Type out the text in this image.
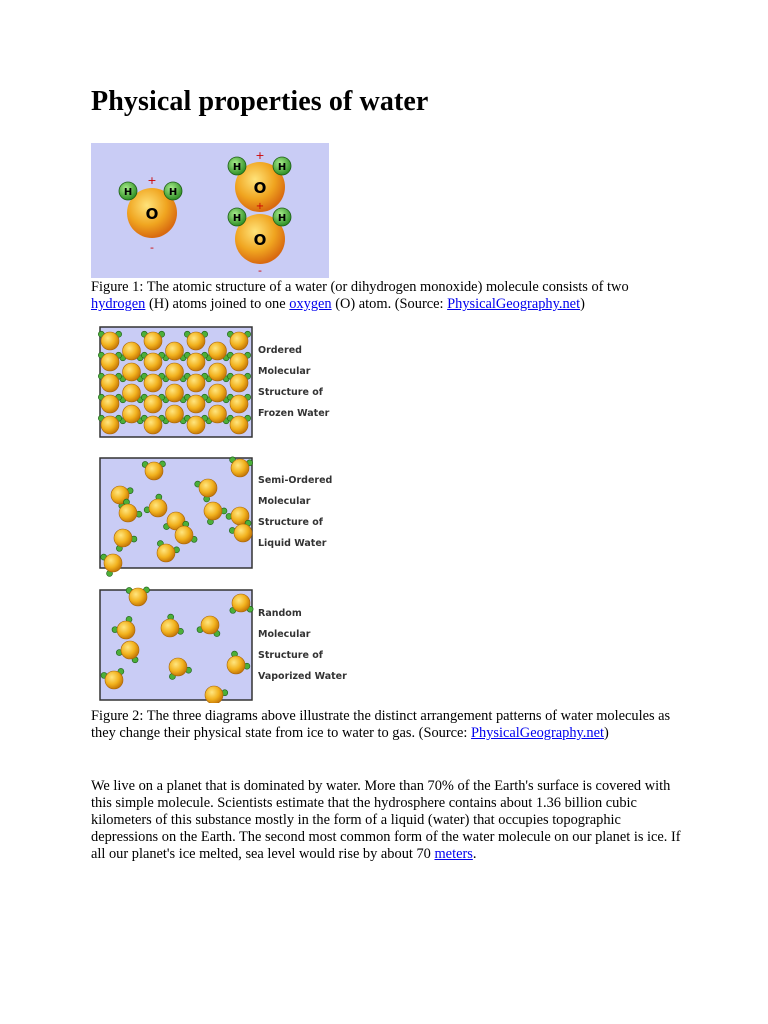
Physical properties of water
+
O
H	H
-
+
O
H	H
O
H	H
+
-

Figure 1: The atomic structure of a water (or dihydrogen monoxide) molecule consists of two hydrogen (H) atoms joined to one oxygen (O) atom. (Source: PhysicalGeography.net)

Ordered
Molecular
Structure of
Frozen Water
Semi-Ordered
Molecular
Structure of
Liquid Water
Random
Molecular
Structure of
Vaporized Water

Figure 2: The three diagrams above illustrate the distinct arrangement patterns of water molecules as they change their physical state from ice to water to gas. (Source: PhysicalGeography.net)

We live on a planet that is dominated by water. More than 70% of the Earth's surface is covered with this simple molecule. Scientists estimate that the hydrosphere contains about 1.36 billion cubic kilometers of this substance mostly in the form of a liquid (water) that occupies topographic depressions on the Earth. The second most common form of the water molecule on our planet is ice. If all our planet's ice melted, sea level would rise by about 70 meters.
